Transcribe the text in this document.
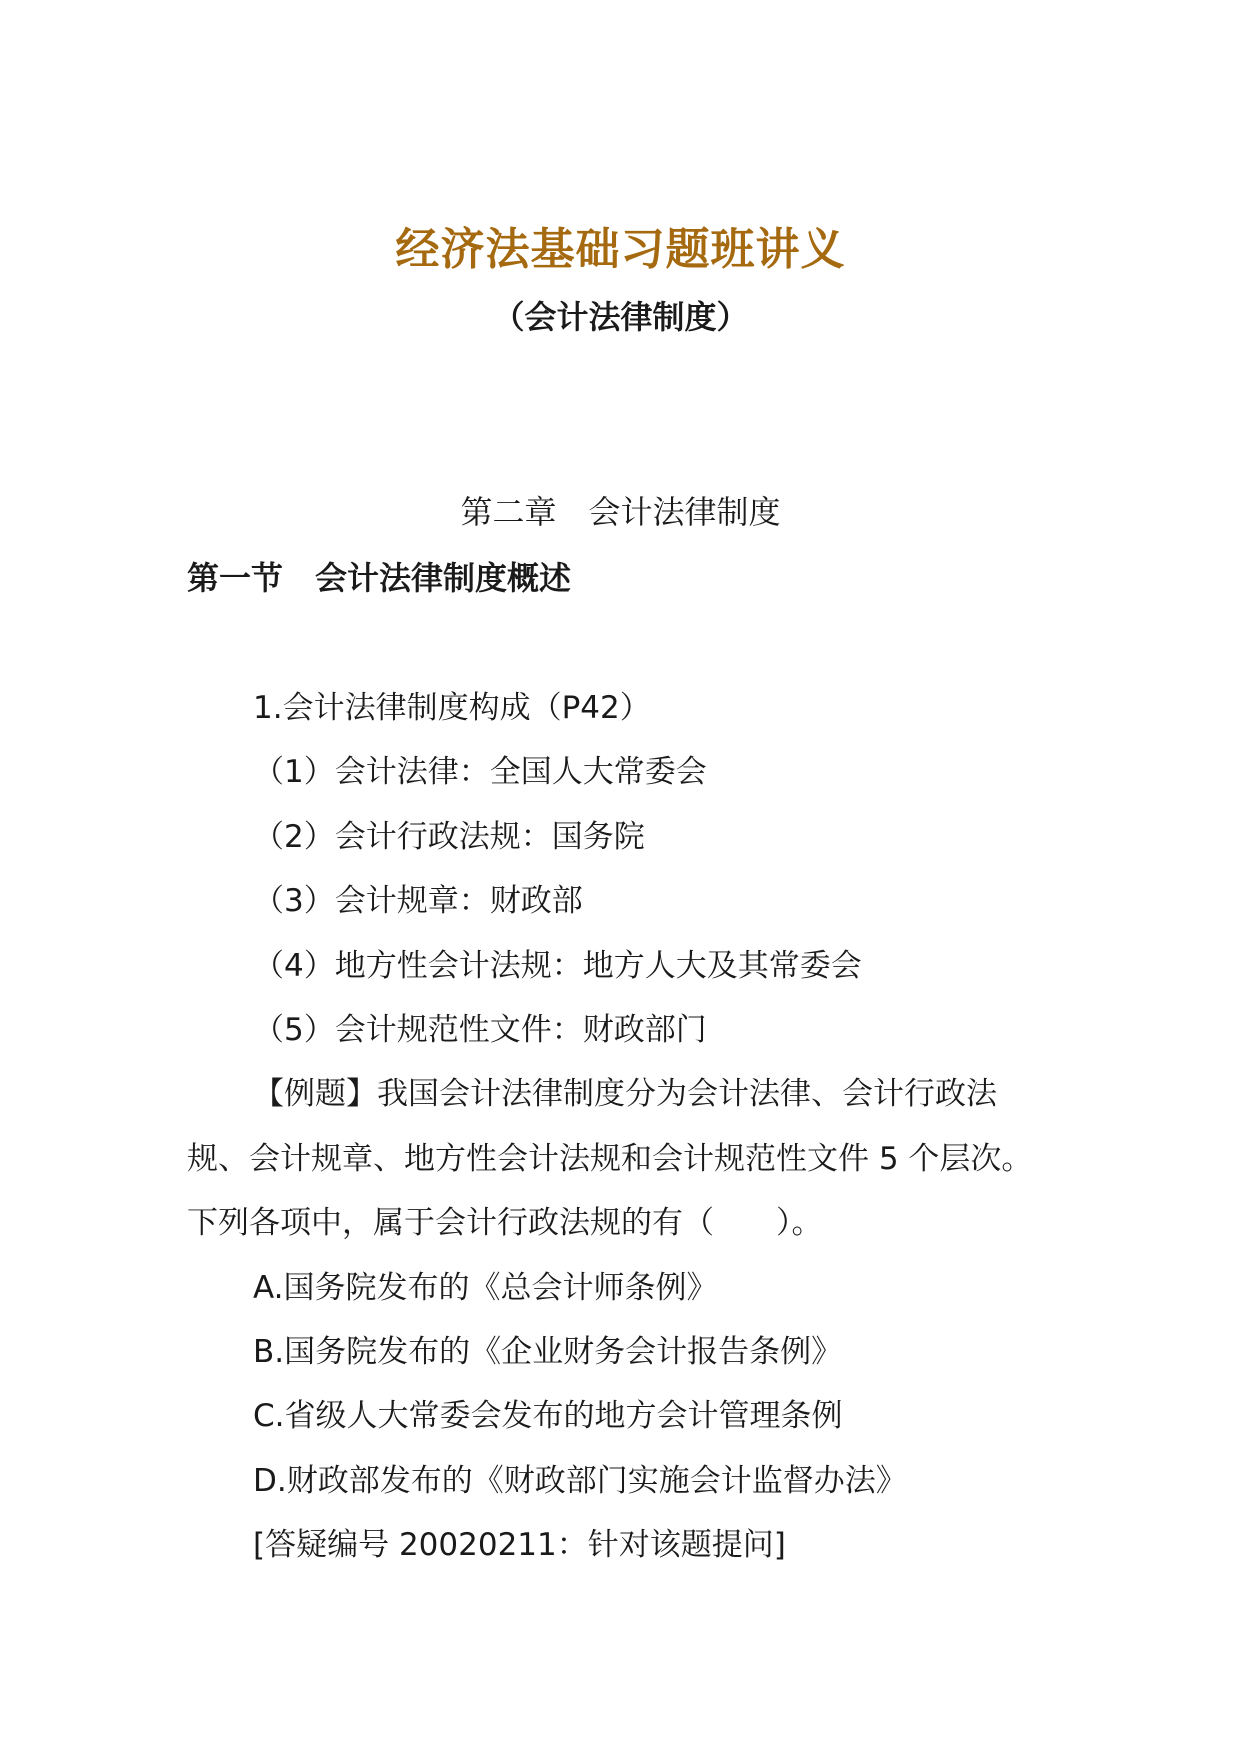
经济法基础习题班讲义
（会计法律制度）
第二章　会计法律制度
第一节　会计法律制度概述
1.会计法律制度构成（P42）
（1）会计法律：全国人大常委会
（2）会计行政法规：国务院
（3）会计规章：财政部
（4）地方性会计法规：地方人大及其常委会
（5）会计规范性文件：财政部门
【例题】我国会计法律制度分为会计法律、会计行政法
规、会计规章、地方性会计法规和会计规范性文件 5 个层次。
下列各项中，属于会计行政法规的有（　　）。
A.国务院发布的《总会计师条例》
B.国务院发布的《企业财务会计报告条例》
C.省级人大常委会发布的地方会计管理条例
D.财政部发布的《财政部门实施会计监督办法》
[答疑编号 20020211：针对该题提问]
